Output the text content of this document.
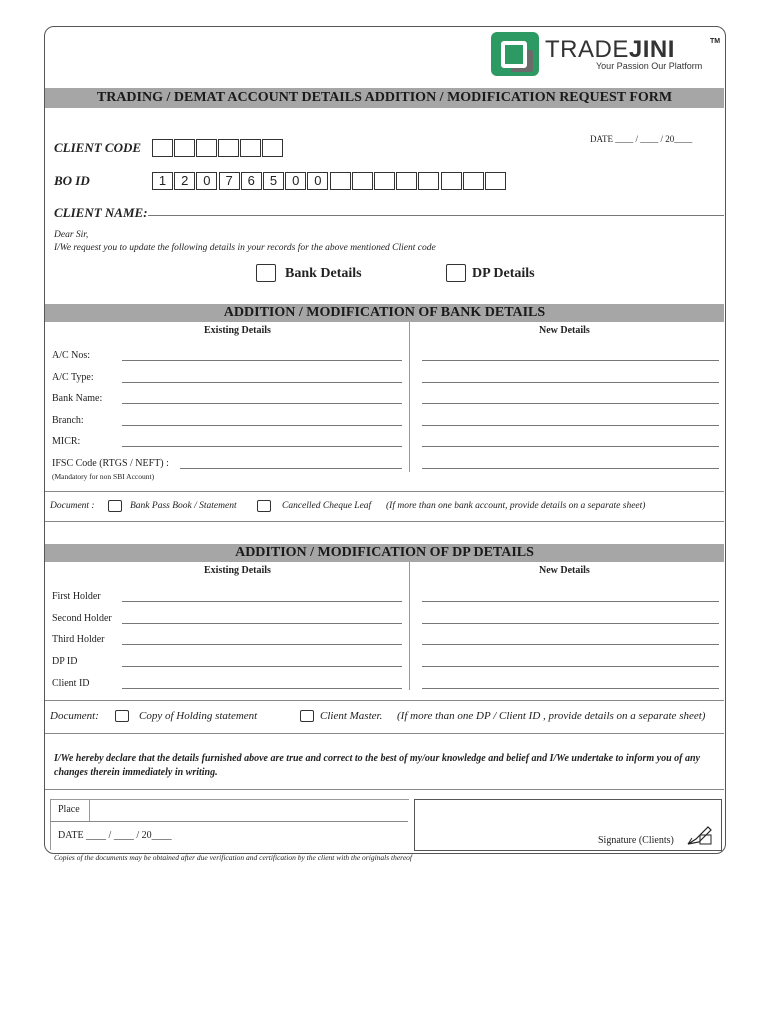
TRADEJINI	TM
Your Passion Our Platform
TRADING / DEMAT ACCOUNT DETAILS ADDITION / MODIFICATION REQUEST FORM
DATE ____ / ____ / 20____
CLIENT CODE
BO ID	1	2	0	7	6	5	0	0
CLIENT NAME:
Dear Sir,
I/We request you to update the following details in your records for the above mentioned Client code
Bank Details	DP Details
ADDITION / MODIFICATION OF BANK DETAILS
Existing Details	New Details
A/C Nos:
A/C Type:
Bank Name:
Branch:
MICR:
IFSC Code (RTGS / NEFT) :
(Mandatory for non SBI Account)
Document :	Bank Pass Book / Statement	Cancelled Cheque Leaf (If more than one bank account, provide details on a separate sheet)
ADDITION / MODIFICATION OF DP DETAILS
Existing Details	New Details
First Holder
Second Holder
Third Holder
DP ID
Client ID
Document:	Copy of Holding statement	Client Master. (If more than one DP / Client ID , provide details on a separate sheet)
I/We hereby declare that the details furnished above are true and correct to the best of my/our knowledge and belief and I/We undertake to inform you of any changes therein immediately in writing.
Place
DATE ____ / ____ / 20____	Signature (Clients)
Copies of the documents may be obtained after due verification and certification by the client with the originals thereof
